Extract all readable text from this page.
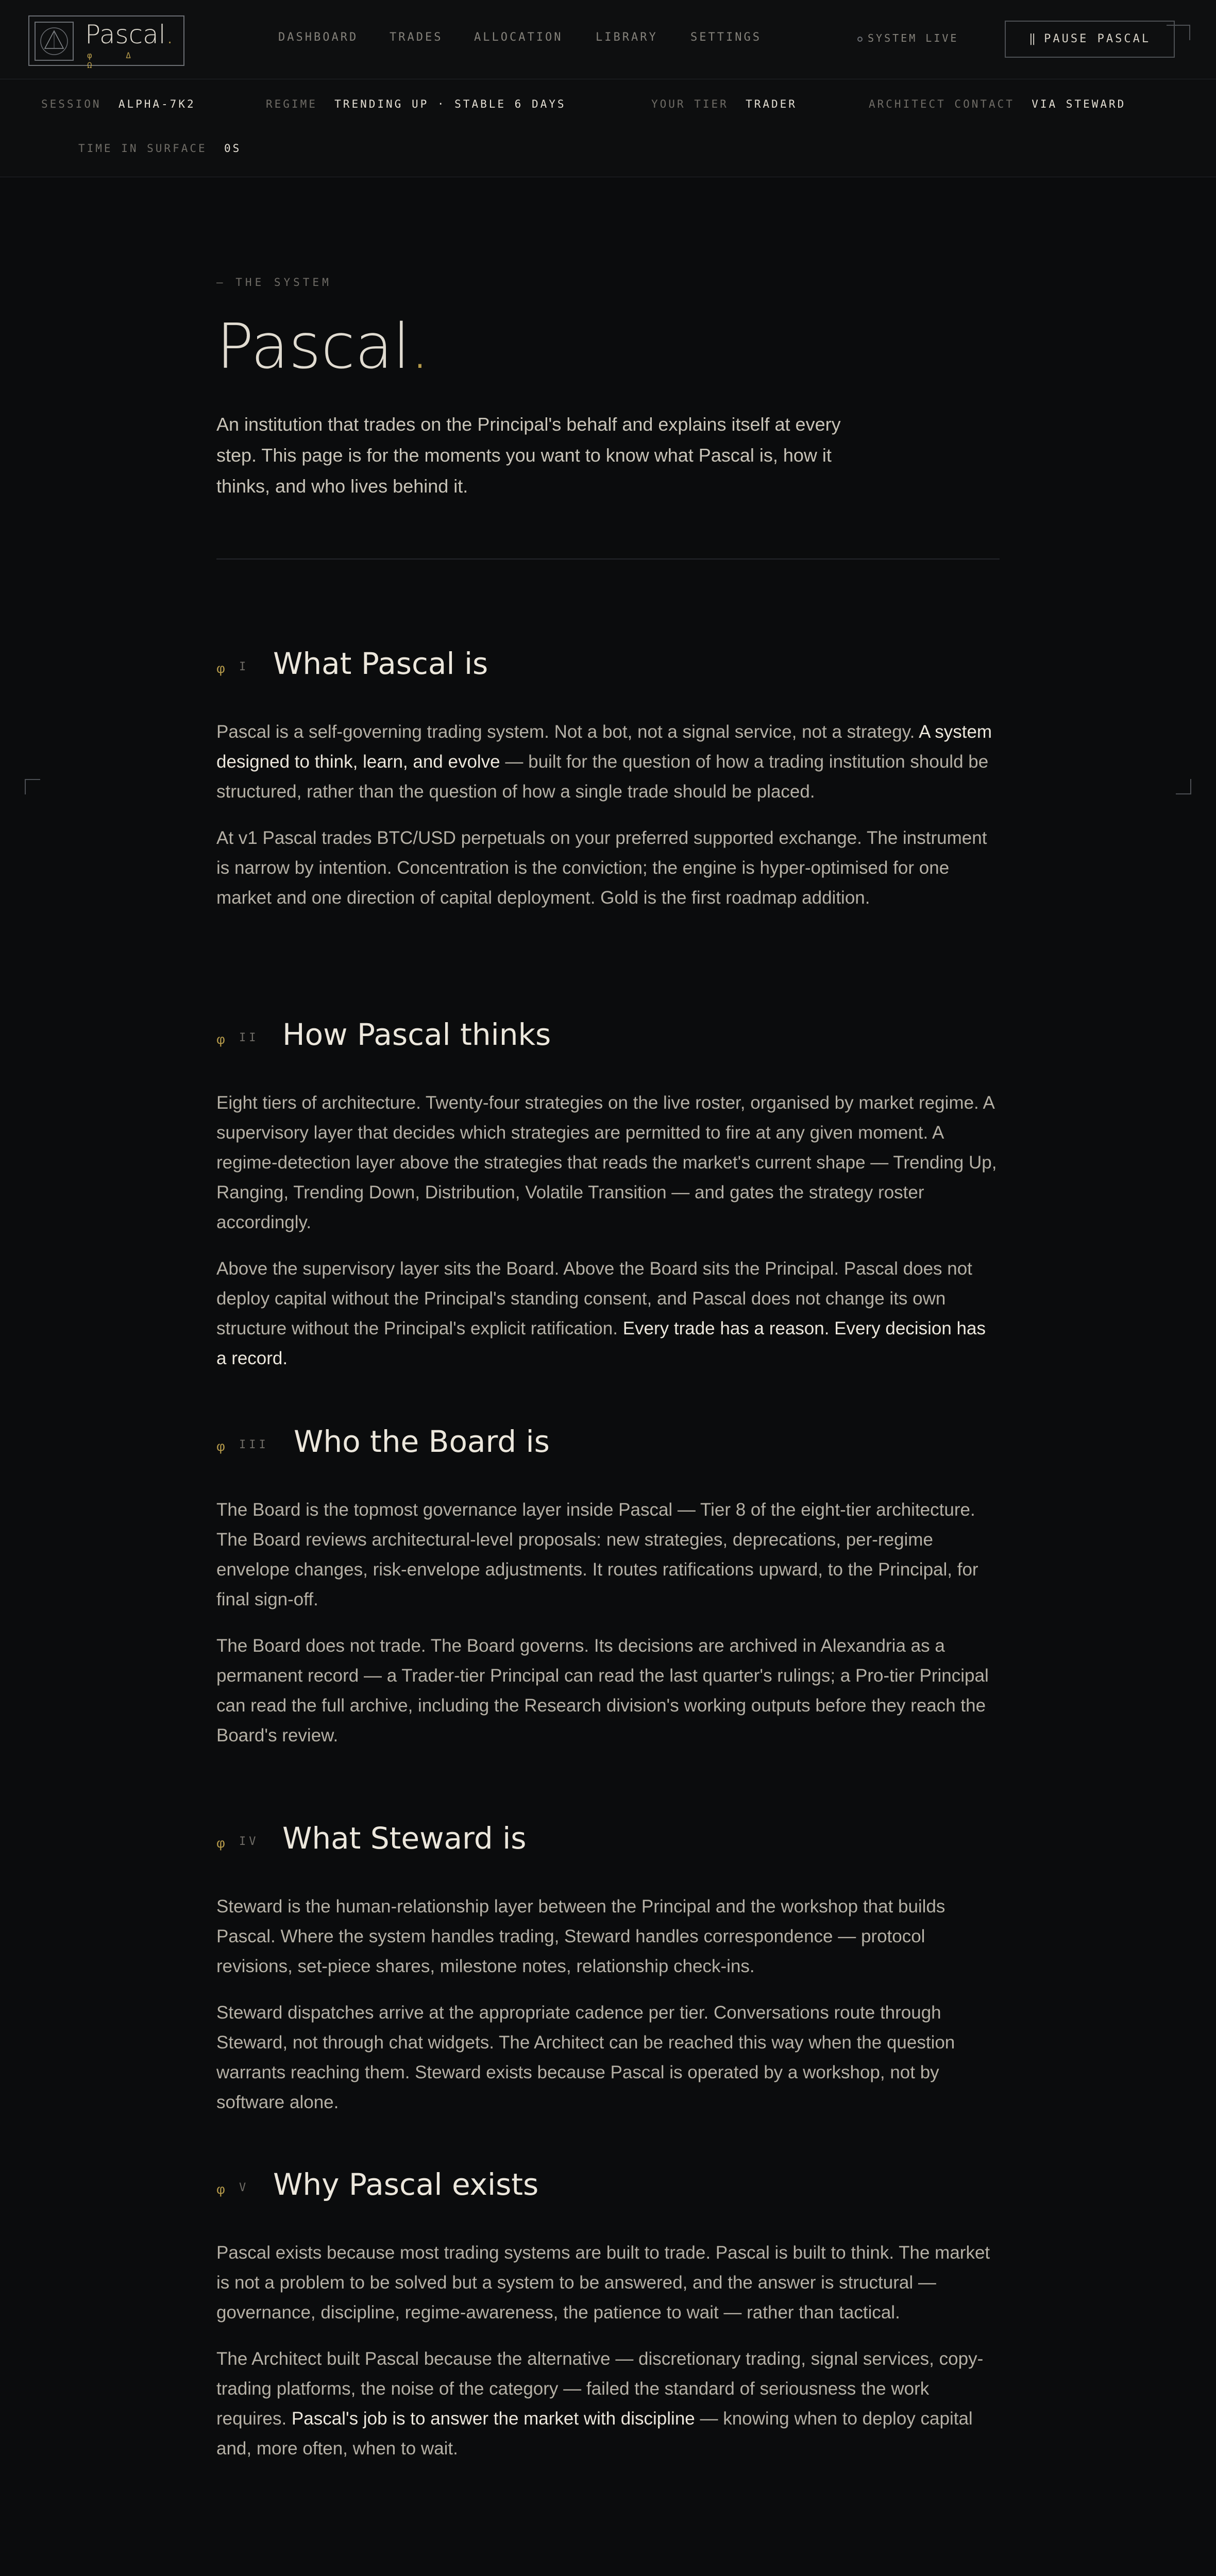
Pascal.
φ Δ Ω
DASHBOARD	TRADES	ALLOCATION	LIBRARY	SETTINGS	SYSTEM LIVE	‖ PAUSE PASCAL
SESSION ALPHA-7K2	REGIME TRENDING UP · STABLE 6 DAYS	YOUR TIER TRADER	ARCHITECT CONTACT VIA STEWARD
TIME IN SURFACE 0S
— THE SYSTEM
Pascal.

An institution that trades on the Principal's behalf and explains itself at every step. This page is for the moments you want to know what Pascal is, how it thinks, and who lives behind it.

φ I What Pascal is

Pascal is a self-governing trading system. Not a bot, not a signal service, not a strategy. A system designed to think, learn, and evolve — built for the question of how a trading institution should be structured, rather than the question of how a single trade should be placed.

At v1 Pascal trades BTC/USD perpetuals on your preferred supported exchange. The instrument is narrow by intention. Concentration is the conviction; the engine is hyper-optimised for one market and one direction of capital deployment. Gold is the first roadmap addition.

φ II How Pascal thinks

Eight tiers of architecture. Twenty-four strategies on the live roster, organised by market regime. A supervisory layer that decides which strategies are permitted to fire at any given moment. A regime-detection layer above the strategies that reads the market's current shape — Trending Up, Ranging, Trending Down, Distribution, Volatile Transition — and gates the strategy roster accordingly.

Above the supervisory layer sits the Board. Above the Board sits the Principal. Pascal does not deploy capital without the Principal's standing consent, and Pascal does not change its own structure without the Principal's explicit ratification. Every trade has a reason. Every decision has a record.

φ III Who the Board is

The Board is the topmost governance layer inside Pascal — Tier 8 of the eight-tier architecture. The Board reviews architectural-level proposals: new strategies, deprecations, per-regime envelope changes, risk-envelope adjustments. It routes ratifications upward, to the Principal, for final sign-off.

The Board does not trade. The Board governs. Its decisions are archived in Alexandria as a permanent record — a Trader-tier Principal can read the last quarter's rulings; a Pro-tier Principal can read the full archive, including the Research division's working outputs before they reach the Board's review.

φ IV What Steward is

Steward is the human-relationship layer between the Principal and the workshop that builds Pascal. Where the system handles trading, Steward handles correspondence — protocol revisions, set-piece shares, milestone notes, relationship check-ins.

Steward dispatches arrive at the appropriate cadence per tier. Conversations route through Steward, not through chat widgets. The Architect can be reached this way when the question warrants reaching them. Steward exists because Pascal is operated by a workshop, not by software alone.

φ V Why Pascal exists

Pascal exists because most trading systems are built to trade. Pascal is built to think. The market is not a problem to be solved but a system to be answered, and the answer is structural — governance, discipline, regime-awareness, the patience to wait — rather than tactical.

The Architect built Pascal because the alternative — discretionary trading, signal services, copy-trading platforms, the noise of the category — failed the standard of seriousness the work requires. Pascal's job is to answer the market with discipline — knowing when to deploy capital and, more often, when to wait.
